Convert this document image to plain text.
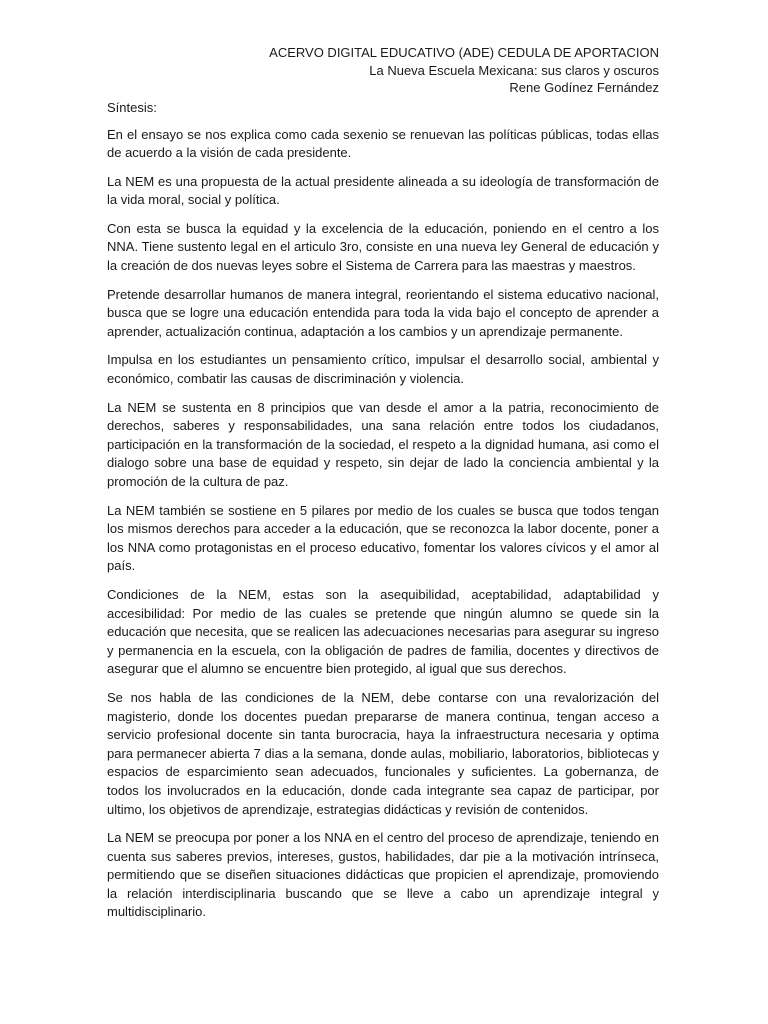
ACERVO DIGITAL EDUCATIVO (ADE) CEDULA DE APORTACION
La Nueva Escuela Mexicana: sus claros y oscuros
Rene Godínez Fernández
Síntesis:

En el ensayo se nos explica como cada sexenio se renuevan las políticas públicas, todas ellas de acuerdo a la visión de cada presidente.

La NEM es una propuesta de la actual presidente alineada a su ideología de transformación de la vida moral, social y política.

Con esta se busca la equidad y la excelencia de la educación, poniendo en el centro a los NNA. Tiene sustento legal en el articulo 3ro, consiste en una nueva ley General de educación y la creación de dos nuevas leyes sobre el Sistema de Carrera para las maestras y maestros.

Pretende desarrollar humanos de manera integral, reorientando el sistema educativo nacional, busca que se logre una educación entendida para toda la vida bajo el concepto de aprender a aprender, actualización continua, adaptación a los cambios y un aprendizaje permanente.

Impulsa en los estudiantes un pensamiento crítico, impulsar el desarrollo social, ambiental y económico, combatir las causas de discriminación y violencia.

La NEM se sustenta en 8 principios que van desde el amor a la patria, reconocimiento de derechos, saberes y responsabilidades, una sana relación entre todos los ciudadanos, participación en la transformación de la sociedad, el respeto a la dignidad humana, asi como el dialogo sobre una base de equidad y respeto, sin dejar de lado la conciencia ambiental y la promoción de la cultura de paz.

La NEM también se sostiene en 5 pilares por medio de los cuales se busca que todos tengan los mismos derechos para acceder a la educación, que se reconozca la labor docente, poner a los NNA como protagonistas en el proceso educativo, fomentar los valores cívicos y el amor al país.

Condiciones de la NEM, estas son la asequibilidad, aceptabilidad, adaptabilidad y accesibilidad: Por medio de las cuales se pretende que ningún alumno se quede sin la educación que necesita, que se realicen las adecuaciones necesarias para asegurar su ingreso y permanencia en la escuela, con la obligación de padres de familia, docentes y directivos de asegurar que el alumno se encuentre bien protegido, al igual que sus derechos.

Se nos habla de las condiciones de la NEM, debe contarse con una revalorización del magisterio, donde los docentes puedan prepararse de manera continua, tengan acceso a servicio profesional docente sin tanta burocracia, haya la infraestructura necesaria y optima para permanecer abierta 7 dias a la semana, donde aulas, mobiliario, laboratorios, bibliotecas y espacios de esparcimiento sean adecuados, funcionales y suficientes. La gobernanza, de todos los involucrados en la educación, donde cada integrante sea capaz de participar, por ultimo, los objetivos de aprendizaje, estrategias didácticas y revisión de contenidos.

La NEM se preocupa por poner a los NNA en el centro del proceso de aprendizaje, teniendo en cuenta sus saberes previos, intereses, gustos, habilidades, dar pie a la motivación intrínseca, permitiendo que se diseñen situaciones didácticas que propicien el aprendizaje, promoviendo la relación interdisciplinaria buscando que se lleve a cabo un aprendizaje integral y multidisciplinario.
